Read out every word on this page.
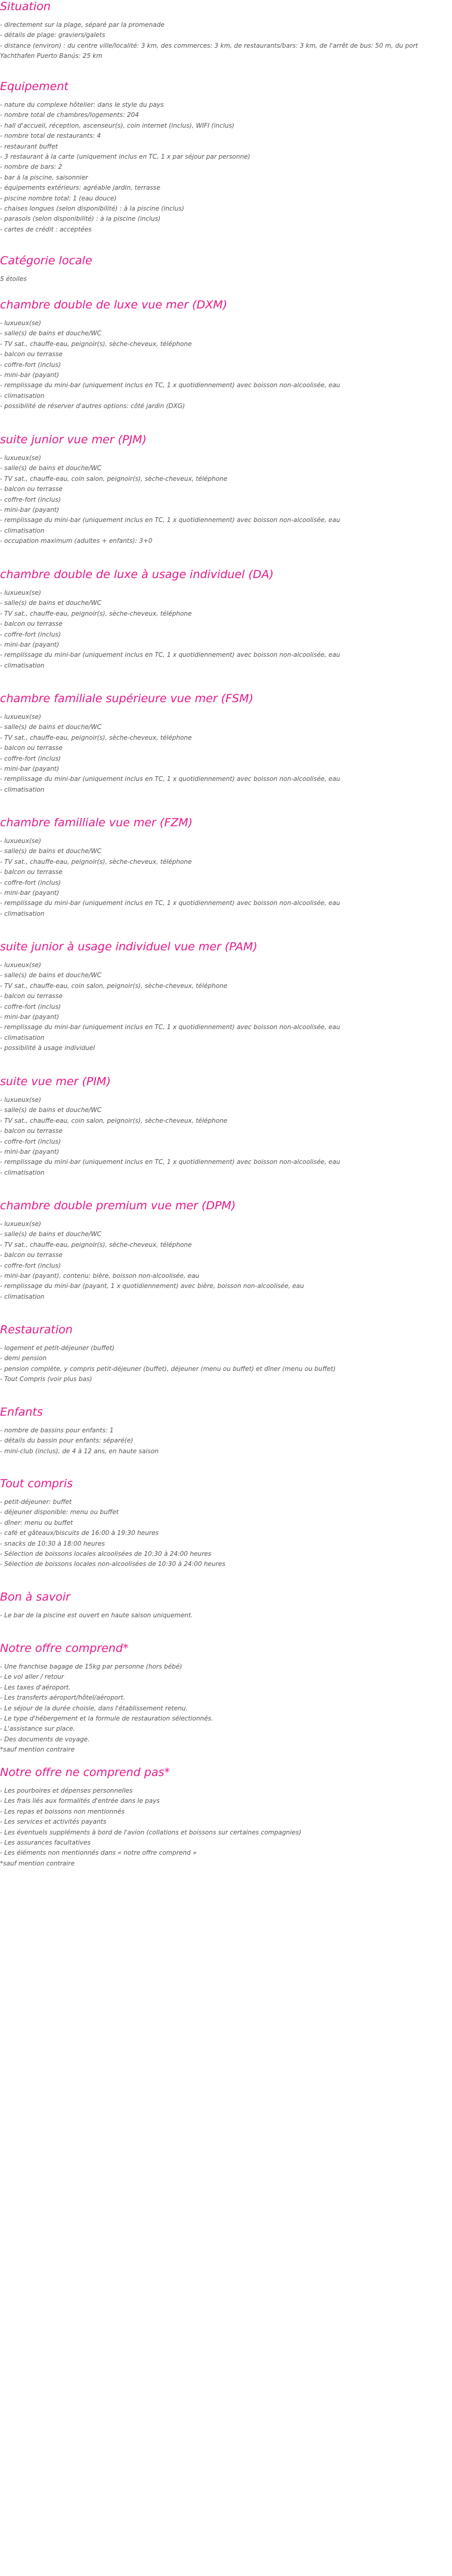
Situation

- directement sur la plage, séparé par la promenade

- détails de plage: graviers/galets

- distance (environ) : du centre ville/localité: 3 km, des commerces: 3 km, de restaurants/bars: 3 km, de l'arrêt de bus: 50 m, du port Yachthafen Puerto Banús: 25 km

Equipement

- nature du complexe hôtelier: dans le style du pays

- nombre total de chambres/logements: 204

- hall d'accueil, réception, ascenseur(s), coin internet (inclus), WIFI (inclus)

- nombre total de restaurants: 4

- restaurant buffet

- 3 restaurant à la carte (uniquement inclus en TC, 1 x par séjour par personne)

- nombre de bars: 2

- bar à la piscine, saisonnier

- équipements extérieurs: agréable jardin, terrasse

- piscine nombre total: 1 (eau douce)

- chaises longues (selon disponibilité) : à la piscine (inclus)

- parasols (selon disponibilité) : à la piscine (inclus)

- cartes de crédit : acceptées

Catégorie locale

5 étoiles

chambre double de luxe vue mer (DXM)

- luxueux(se)

- salle(s) de bains et douche/WC

- TV sat., chauffe-eau, peignoir(s), sèche-cheveux, téléphone

- balcon ou terrasse

- coffre-fort (inclus)

- mini-bar (payant)

- remplissage du mini-bar (uniquement inclus en TC, 1 x quotidiennement) avec boisson non-alcoolisée, eau

- climatisation

- possibilité de réserver d'autres options: côté jardin (DXG)

suite junior vue mer (PJM)

- luxueux(se)

- salle(s) de bains et douche/WC

- TV sat., chauffe-eau, coin salon, peignoir(s), sèche-cheveux, téléphone

- balcon ou terrasse

- coffre-fort (inclus)

- mini-bar (payant)

- remplissage du mini-bar (uniquement inclus en TC, 1 x quotidiennement) avec boisson non-alcoolisée, eau

- climatisation

- occupation maximum (adultes + enfants): 3+0

chambre double de luxe à usage individuel (DA)

- luxueux(se)

- salle(s) de bains et douche/WC

- TV sat., chauffe-eau, peignoir(s), sèche-cheveux, téléphone

- balcon ou terrasse

- coffre-fort (inclus)

- mini-bar (payant)

- remplissage du mini-bar (uniquement inclus en TC, 1 x quotidiennement) avec boisson non-alcoolisée, eau

- climatisation

chambre familiale supérieure vue mer (FSM)

- luxueux(se)

- salle(s) de bains et douche/WC

- TV sat., chauffe-eau, peignoir(s), sèche-cheveux, téléphone

- balcon ou terrasse

- coffre-fort (inclus)

- mini-bar (payant)

- remplissage du mini-bar (uniquement inclus en TC, 1 x quotidiennement) avec boisson non-alcoolisée, eau

- climatisation

chambre familliale vue mer (FZM)

- luxueux(se)

- salle(s) de bains et douche/WC

- TV sat., chauffe-eau, peignoir(s), sèche-cheveux, téléphone

- balcon ou terrasse

- coffre-fort (inclus)

- mini-bar (payant)

- remplissage du mini-bar (uniquement inclus en TC, 1 x quotidiennement) avec boisson non-alcoolisée, eau

- climatisation

suite junior à usage individuel vue mer (PAM)

- luxueux(se)

- salle(s) de bains et douche/WC

- TV sat., chauffe-eau, coin salon, peignoir(s), sèche-cheveux, téléphone

- balcon ou terrasse

- coffre-fort (inclus)

- mini-bar (payant)

- remplissage du mini-bar (uniquement inclus en TC, 1 x quotidiennement) avec boisson non-alcoolisée, eau

- climatisation

- possibilité à usage individuel

suite vue mer (PIM)

- luxueux(se)

- salle(s) de bains et douche/WC

- TV sat., chauffe-eau, coin salon, peignoir(s), sèche-cheveux, téléphone

- balcon ou terrasse

- coffre-fort (inclus)

- mini-bar (payant)

- remplissage du mini-bar (uniquement inclus en TC, 1 x quotidiennement) avec boisson non-alcoolisée, eau

- climatisation

chambre double premium vue mer (DPM)

- luxueux(se)

- salle(s) de bains et douche/WC

- TV sat., chauffe-eau, peignoir(s), sèche-cheveux, téléphone

- balcon ou terrasse

- coffre-fort (inclus)

- mini-bar (payant), contenu: bière, boisson non-alcoolisée, eau

- remplissage du mini-bar (payant, 1 x quotidiennement) avec bière, boisson non-alcoolisée, eau

- climatisation

Restauration

- logement et petit-déjeuner (buffet)

- demi pension

- pension complète, y compris petit-déjeuner (buffet), déjeuner (menu ou buffet) et dîner (menu ou buffet)

- Tout Compris (voir plus bas)

Enfants

- nombre de bassins pour enfants: 1

- détails du bassin pour enfants: séparé(e)

- mini-club (inclus), de 4 à 12 ans, en haute saison

Tout compris

- petit-déjeuner: buffet

- déjeuner disponible: menu ou buffet

- dîner: menu ou buffet

- café et gâteaux/biscuits de 16:00 à 19:30 heures

- snacks de 10:30 à 18:00 heures

- Sélection de boissons locales alcoolisées de 10:30 à 24:00 heures

- Sélection de boissons locales non-alcoolisées de 10:30 à 24:00 heures

Bon à savoir

- Le bar de la piscine est ouvert en haute saison uniquement.

Notre offre comprend*

- Une franchise bagage de 15kg par personne (hors bébé)

- Le vol aller / retour

- Les taxes d'aéroport.

- Les transferts aéroport/hôtel/aéroport.

- Le séjour de la durée choisie, dans l'établissement retenu.

- Le type d'hébergement et la formule de restauration sélectionnés.

- L'assistance sur place.

- Des documents de voyage.

*sauf mention contraire

Notre offre ne comprend pas*

- Les pourboires et dépenses personnelles

- Les frais liés aux formalités d'entrée dans le pays

- Les repas et boissons non mentionnés

- Les services et activités payants

- Les éventuels suppléments à bord de l'avion (collations et boissons sur certaines compagnies)

- Les assurances facultatives

- Les éléments non mentionnés dans « notre offre comprend »

*sauf mention contraire
